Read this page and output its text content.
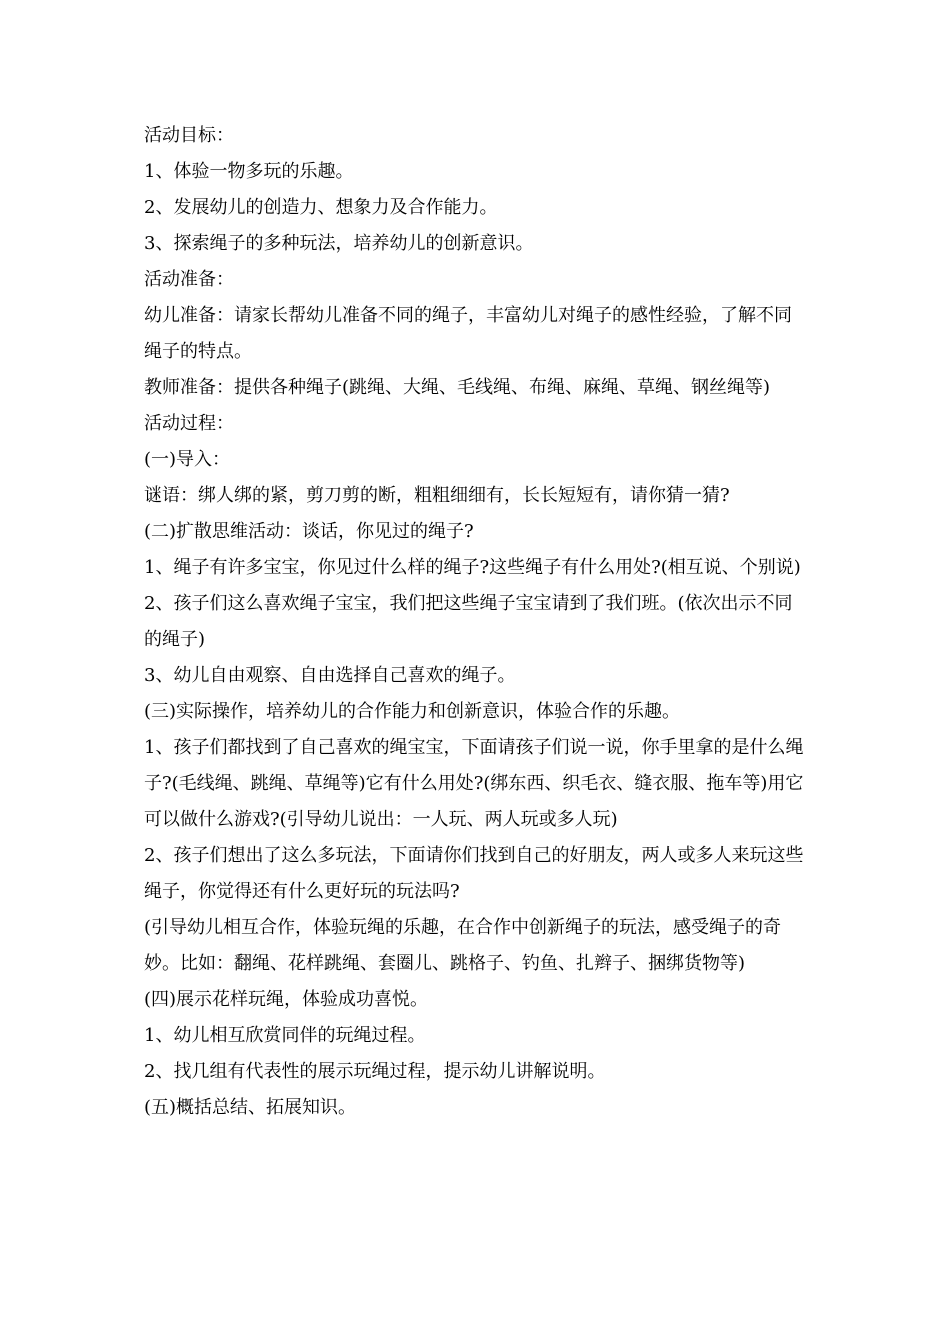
活动目标：

1、体验一物多玩的乐趣。

2、发展幼儿的创造力、想象力及合作能力。

3、探索绳子的多种玩法，培养幼儿的创新意识。

活动准备：

幼儿准备：请家长帮幼儿准备不同的绳子，丰富幼儿对绳子的感性经验，了解不同绳子的特点。

教师准备：提供各种绳子(跳绳、大绳、毛线绳、布绳、麻绳、草绳、钢丝绳等)

活动过程：

(一)导入：

谜语：绑人绑的紧，剪刀剪的断，粗粗细细有，长长短短有，请你猜一猜?

(二)扩散思维活动：谈话，你见过的绳子?

1、绳子有许多宝宝，你见过什么样的绳子?这些绳子有什么用处?(相互说、个别说)

2、孩子们这么喜欢绳子宝宝，我们把这些绳子宝宝请到了我们班。(依次出示不同的绳子)

3、幼儿自由观察、自由选择自己喜欢的绳子。

(三)实际操作，培养幼儿的合作能力和创新意识，体验合作的乐趣。

1、孩子们都找到了自己喜欢的绳宝宝，下面请孩子们说一说，你手里拿的是什么绳子?(毛线绳、跳绳、草绳等)它有什么用处?(绑东西、织毛衣、缝衣服、拖车等)用它可以做什么游戏?(引导幼儿说出：一人玩、两人玩或多人玩)

2、孩子们想出了这么多玩法，下面请你们找到自己的好朋友，两人或多人来玩这些绳子，你觉得还有什么更好玩的玩法吗?

(引导幼儿相互合作，体验玩绳的乐趣，在合作中创新绳子的玩法，感受绳子的奇妙。比如：翻绳、花样跳绳、套圈儿、跳格子、钓鱼、扎辫子、捆绑货物等)

(四)展示花样玩绳，体验成功喜悦。

1、幼儿相互欣赏同伴的玩绳过程。

2、找几组有代表性的展示玩绳过程，提示幼儿讲解说明。

(五)概括总结、拓展知识。
